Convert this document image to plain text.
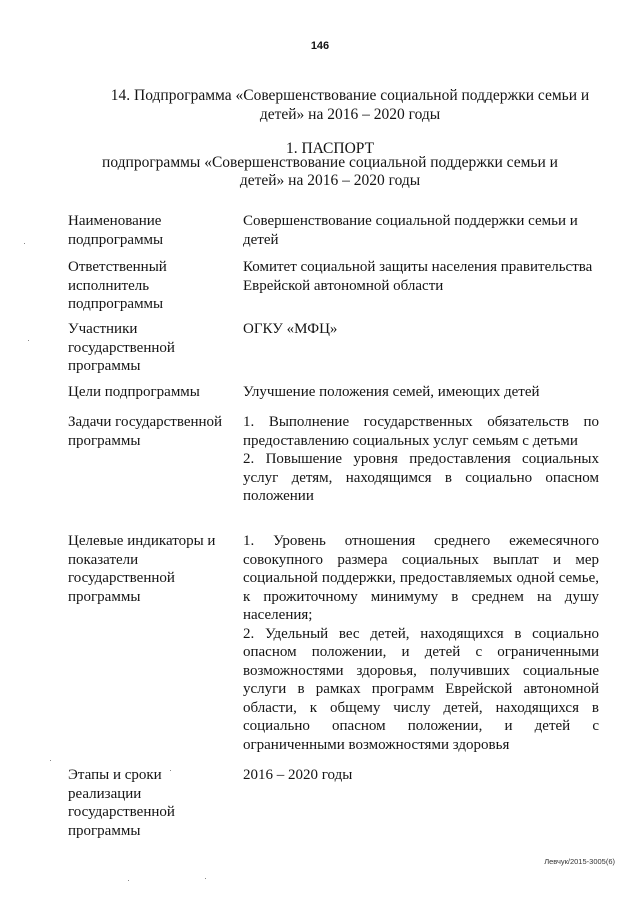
146
14. Подпрограмма «Совершенствование социальной поддержки семьи и детей» на 2016 – 2020 годы
1. ПАСПОРТ
подпрограммы «Совершенствование социальной поддержки семьи и детей» на 2016 – 2020 годы
Наименование подпрограммы
Совершенствование социальной поддержки семьи и детей
Ответственный исполнитель подпрограммы
Комитет социальной защиты населения правительства Еврейской автономной области
Участники государственной программы
ОГКУ «МФЦ»
Цели подпрограммы	Улучшение положения семей, имеющих детей
Задачи государственной программы

1. Выполнение государственных обязательств по предоставлению социальных услуг семьям с детьми

2. Повышение уровня предоставления социальных услуг детям, находящимся в социально опасном положении

Целевые индикаторы и показатели государственной программы

1. Уровень отношения среднего ежемесячного совокупного размера социальных выплат и мер социальной поддержки, предоставляемых одной семье, к прожиточному минимуму в среднем на душу населения;

2. Удельный вес детей, находящихся в социально опасном положении, и детей с ограниченными возможностями здоровья, получивших социальные услуги в рамках программ Еврейской автономной области, к общему числу детей, находящихся в социально опасном положении, и детей с ограниченными возможностями здоровья

Этапы и сроки реализации государственной программы
2016 – 2020 годы
Левчук/2015-3005(6)
